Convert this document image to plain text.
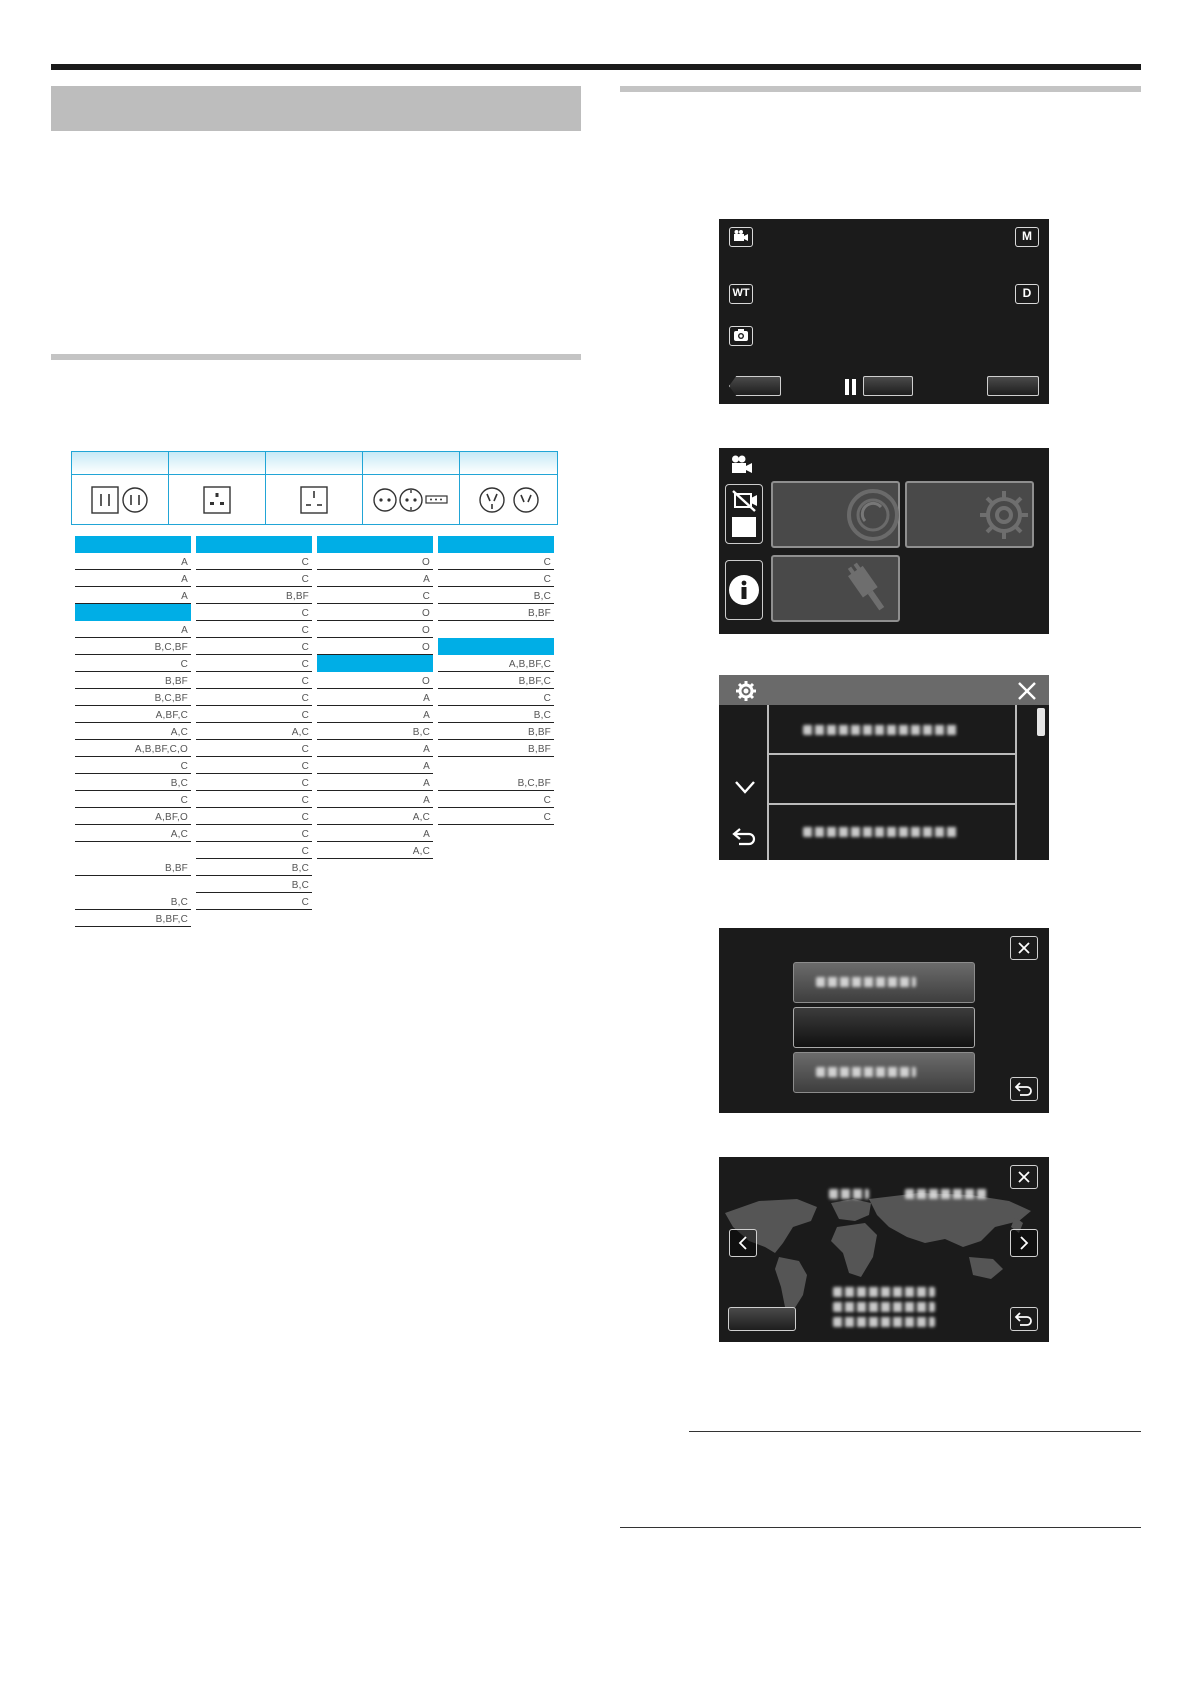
A
A
A
A
B,C,BF
C
B,BF
B,C,BF
A,BF,C
A,C
A,B,BF,C,O
C
B,C
C
A,BF,O
A,C
B,BF
B,C
B,BF,C
C
C
B,BF
C
C
C
C
C
C
C
A,C
C
C
C
C
C
C
C
B,C
B,C
C
O
A
C
O
O
O
O
A
A
B,C
A
A
A
A
A,C
A
A,C
C
C
B,C
B,BF
A,B,BF,C
B,BF,C
C
B,C
B,BF
B,BF
B,C,BF
C
C
M
WT	D
